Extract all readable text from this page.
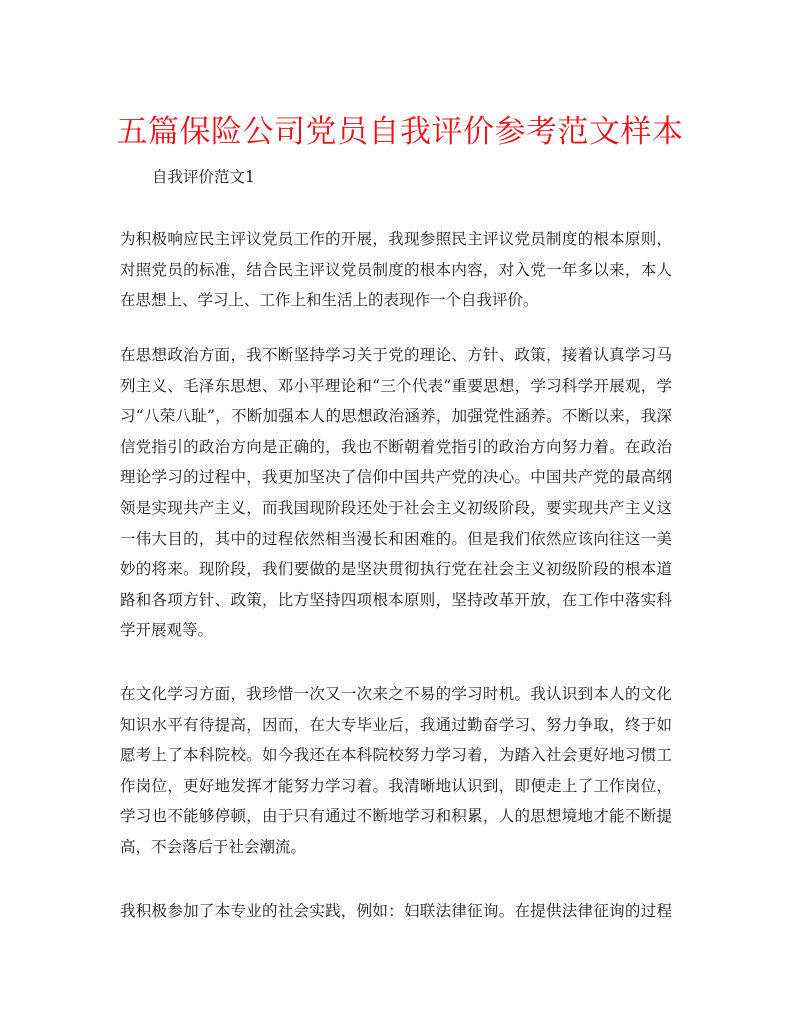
五篇保险公司党员自我评价参考范文样本

自我评价范文1

为积极响应民主评议党员工作的开展，我现参照民主评议党员制度的根本原则，
对照党员的标准，结合民主评议党员制度的根本内容，对入党一年多以来，本人
在思想上、学习上、工作上和生活上的表现作一个自我评价。

在思想政治方面，我不断坚持学习关于党的理论、方针、政策，接着认真学习马
列主义、毛泽东思想、邓小平理论和“三个代表”重要思想，学习科学开展观，学
习“八荣八耻”，不断加强本人的思想政治涵养，加强党性涵养。不断以来，我深
信党指引的政治方向是正确的，我也不断朝着党指引的政治方向努力着。在政治
理论学习的过程中，我更加坚决了信仰中国共产党的决心。中国共产党的最高纲
领是实现共产主义，而我国现阶段还处于社会主义初级阶段，要实现共产主义这
一伟大目的，其中的过程依然相当漫长和困难的。但是我们依然应该向往这一美
妙的将来。现阶段，我们要做的是坚决贯彻执行党在社会主义初级阶段的根本道
路和各项方针、政策，比方坚持四项根本原则，坚持改革开放，在工作中落实科
学开展观等。

在文化学习方面，我珍惜一次又一次来之不易的学习时机。我认识到本人的文化
知识水平有待提高，因而，在大专毕业后，我通过勤奋学习、努力争取，终于如
愿考上了本科院校。如今我还在本科院校努力学习着，为踏入社会更好地习惯工
作岗位，更好地发挥才能努力学习着。我清晰地认识到，即便走上了工作岗位，
学习也不能够停顿，由于只有通过不断地学习和积累，人的思想境地才能不断提
高，不会落后于社会潮流。

我积极参加了本专业的社会实践，例如：妇联法律征询。在提供法律征询的过程
